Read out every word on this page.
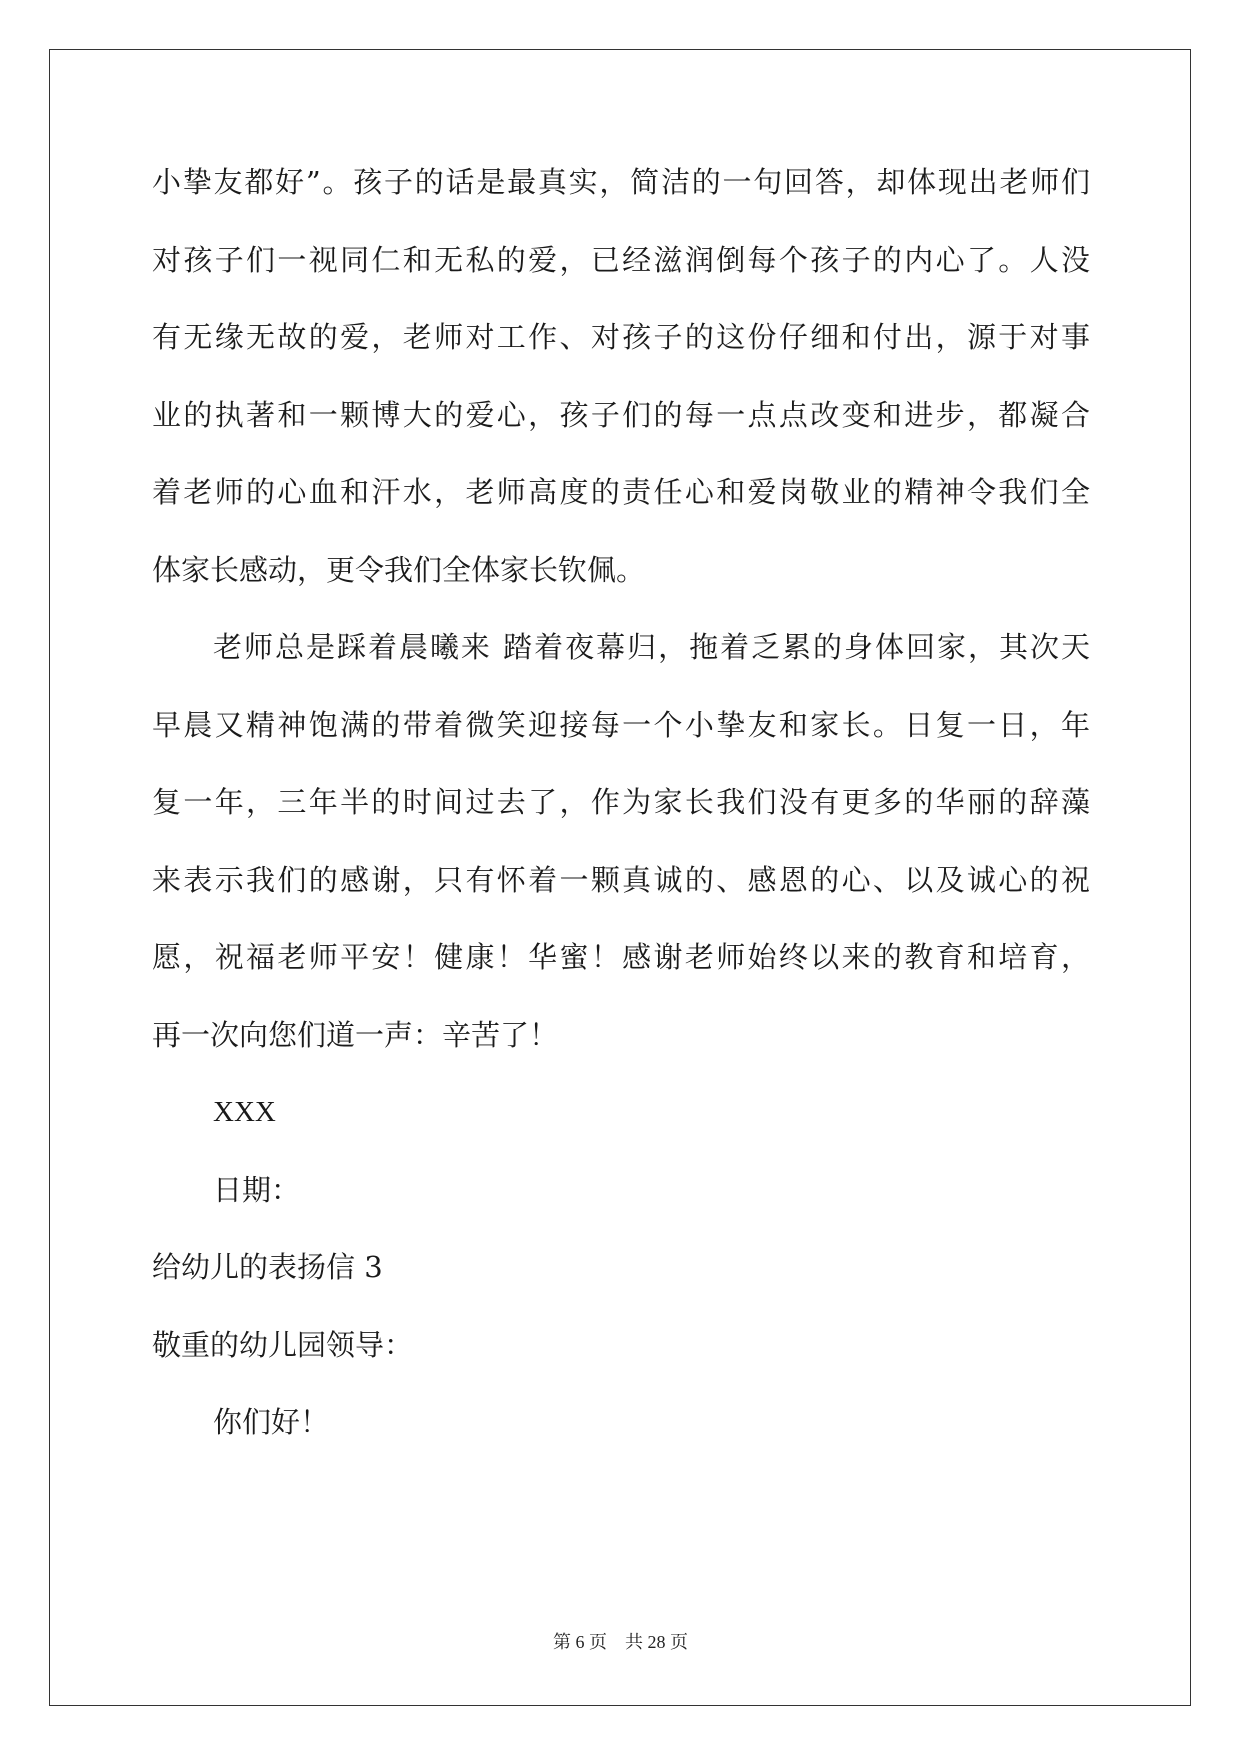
小挚友都好”。孩子的话是最真实，简洁的一句回答，却体现出老师们
对孩子们一视同仁和无私的爱，已经滋润倒每个孩子的内心了。人没
有无缘无故的爱，老师对工作、对孩子的这份仔细和付出，源于对事
业的执著和一颗博大的爱心，孩子们的每一点点改变和进步，都凝合
着老师的心血和汗水，老师高度的责任心和爱岗敬业的精神令我们全
体家长感动，更令我们全体家长钦佩。
老师总是踩着晨曦来 踏着夜幕归，拖着乏累的身体回家，其次天
早晨又精神饱满的带着微笑迎接每一个小挚友和家长。日复一日，年
复一年，三年半的时间过去了，作为家长我们没有更多的华丽的辞藻
来表示我们的感谢，只有怀着一颗真诚的、感恩的心、以及诚心的祝
愿，祝福老师平安！健康！华蜜！感谢老师始终以来的教育和培育，
再一次向您们道一声：辛苦了！
XXX
日期：
给幼儿的表扬信 3
敬重的幼儿园领导：
你们好！
第 6 页 共 28 页
